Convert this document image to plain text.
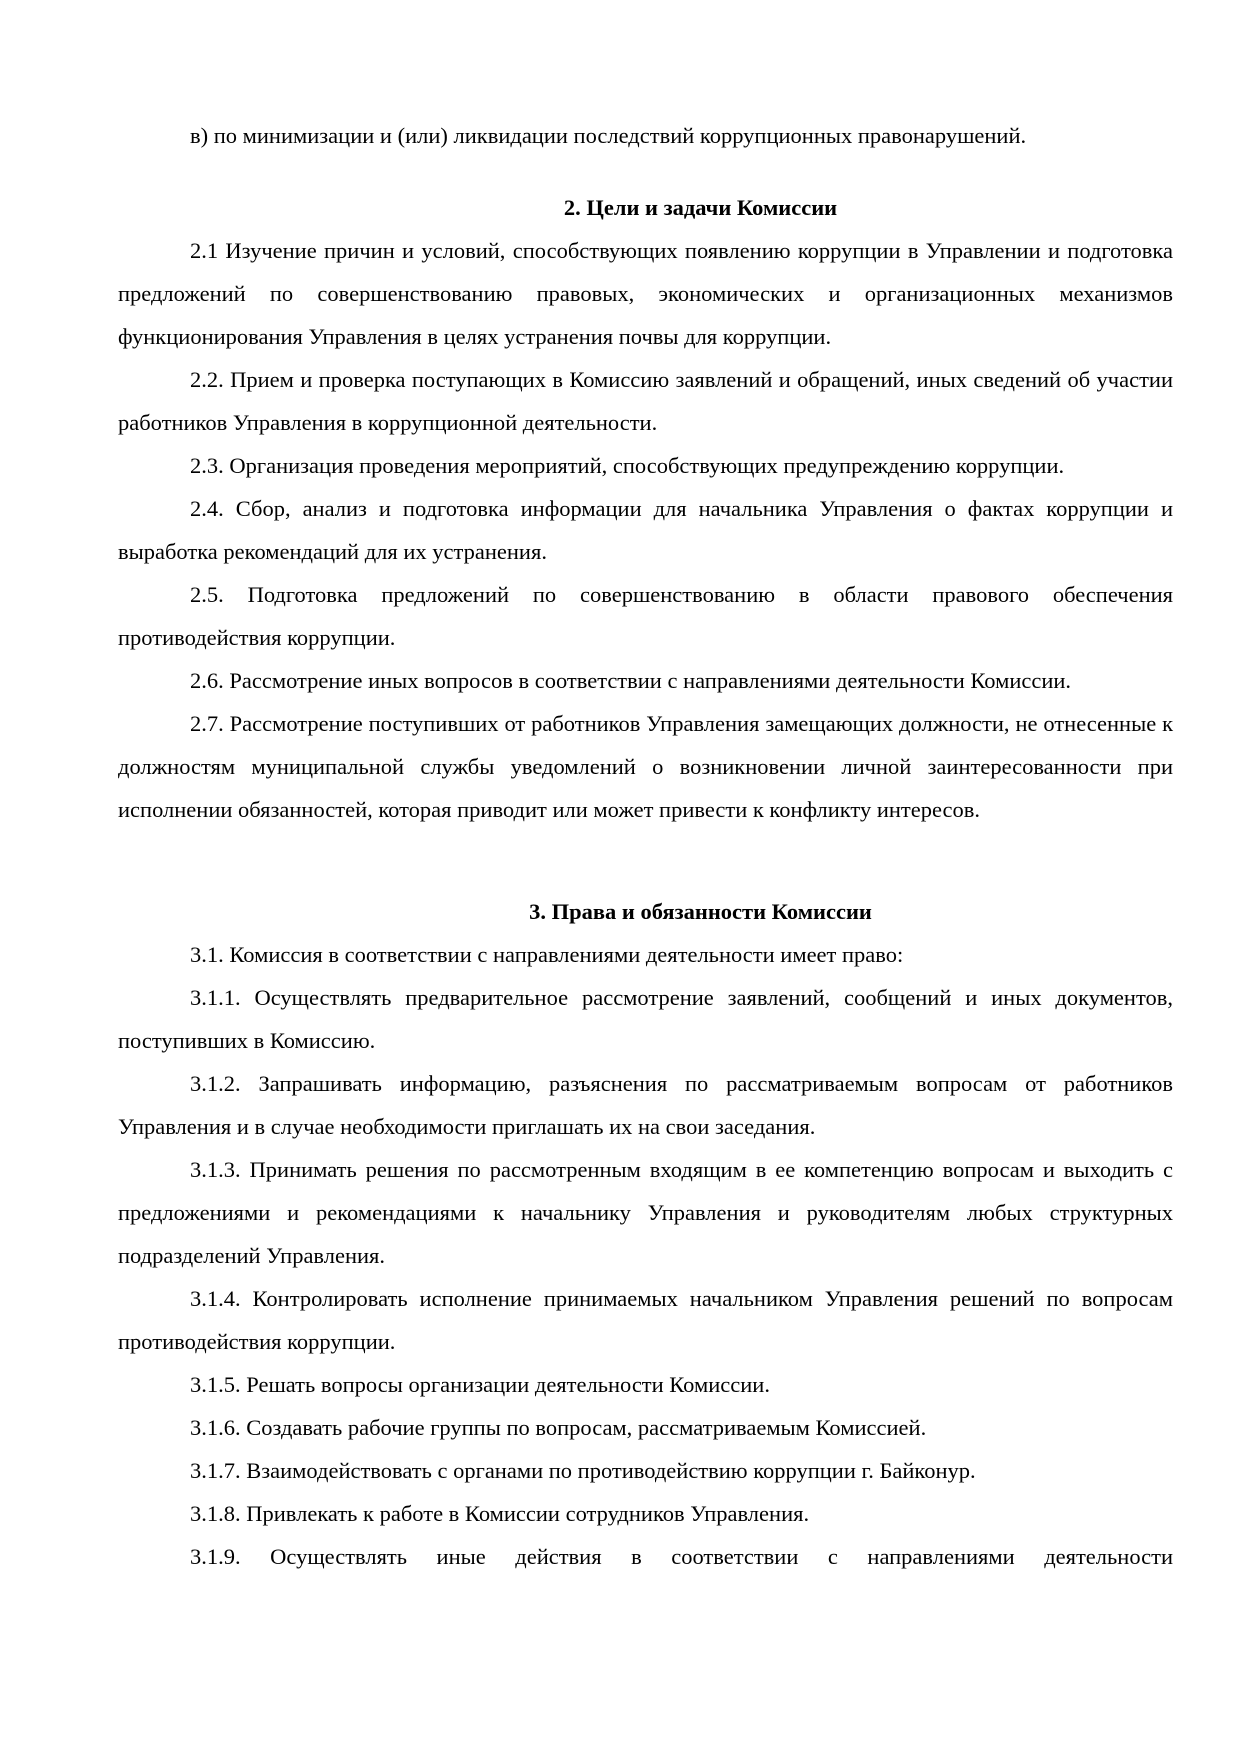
в) по минимизации и (или) ликвидации последствий коррупционных правонарушений.

2. Цели и задачи Комиссии

2.1 Изучение причин и условий, способствующих появлению коррупции в Управлении и подготовка предложений по совершенствованию правовых, экономических и организационных механизмов функционирования Управления в целях устранения почвы для коррупции.

2.2. Прием и проверка поступающих в Комиссию заявлений и обращений, иных сведений об участии работников Управления в коррупционной деятельности.

2.3. Организация проведения мероприятий, способствующих предупреждению коррупции.

2.4. Сбор, анализ и подготовка информации для начальника Управления о фактах коррупции и выработка рекомендаций для их устранения.

2.5. Подготовка предложений по совершенствованию в области правового обеспечения противодействия коррупции.

2.6. Рассмотрение иных вопросов в соответствии с направлениями деятельности Комиссии.

2.7. Рассмотрение поступивших от работников Управления замещающих должности, не отнесенные к должностям муниципальной службы уведомлений о возникновении личной заинтересованности при исполнении обязанностей, которая приводит или может привести к конфликту интересов.

3. Права и обязанности Комиссии

3.1. Комиссия в соответствии с направлениями деятельности имеет право:

3.1.1. Осуществлять предварительное рассмотрение заявлений, сообщений и иных документов, поступивших в Комиссию.

3.1.2. Запрашивать информацию, разъяснения по рассматриваемым вопросам от работников Управления и в случае необходимости приглашать их на свои заседания.

3.1.3. Принимать решения по рассмотренным входящим в ее компетенцию вопросам и выходить с предложениями и рекомендациями к начальнику Управления и руководителям любых структурных подразделений Управления.

3.1.4. Контролировать исполнение принимаемых начальником Управления решений по вопросам противодействия коррупции.

3.1.5. Решать вопросы организации деятельности Комиссии.

3.1.6. Создавать рабочие группы по вопросам, рассматриваемым Комиссией.

3.1.7. Взаимодействовать с органами по противодействию коррупции г. Байконур.

3.1.8. Привлекать к работе в Комиссии сотрудников Управления.

3.1.9. Осуществлять иные действия в соответствии с направлениями деятельности
